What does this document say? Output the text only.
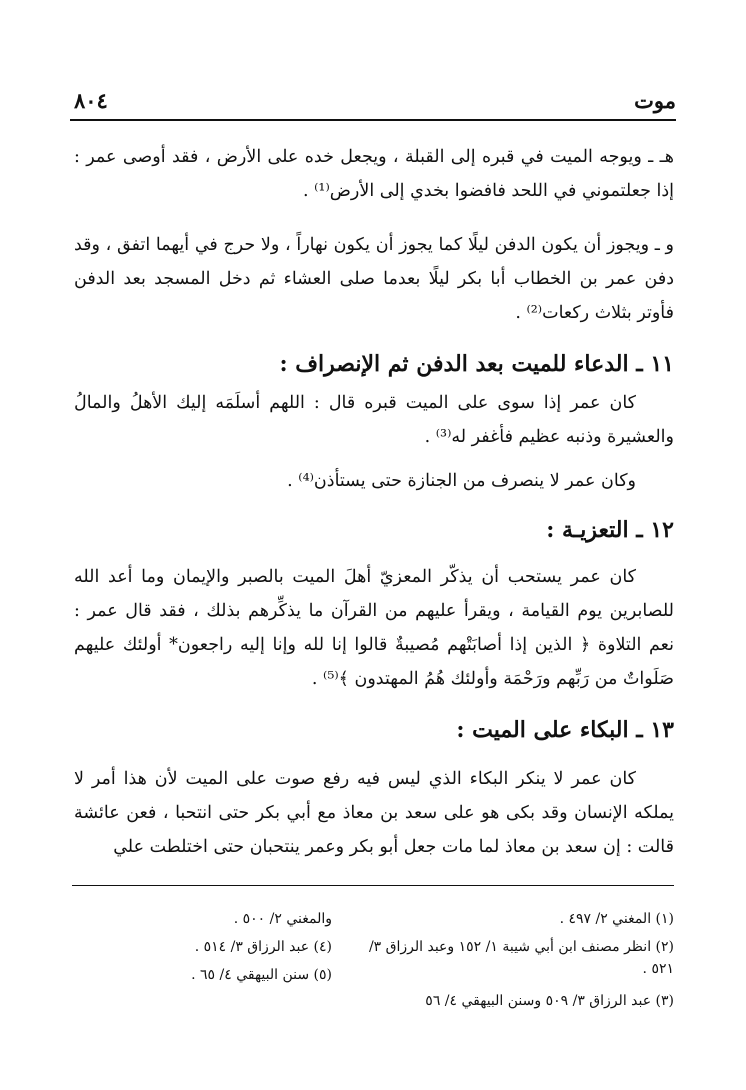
موت
٨٠٤
هـ ـ ويوجه الميت في قبره إلى القبلة ، ويجعل خده على الأرض ، فقد أوصى عمر : إذا جعلتموني في اللحد فافضوا بخدي إلى الأرض⁽¹⁾ .
و ـ ويجوز أن يكون الدفن ليلًا كما يجوز أن يكون نهاراً ، ولا حرج في أيهما اتفق ، وقد دفن عمر بن الخطاب أبا بكر ليلًا بعدما صلى العشاء ثم دخل المسجد بعد الدفن فأوتر بثلاث ركعات⁽²⁾ .
١١ ـ الدعاء للميت بعد الدفن ثم الإنصراف :
كان عمر إذا سوى على الميت قبره قال : اللهم أسلَمَه إليك الأهلُ والمالُ والعشيرة وذنبه عظيم فأغفر له⁽³⁾ .
وكان عمر لا ينصرف من الجنازة حتى يستأذن⁽⁴⁾ .
١٢ ـ التعزيـة :
كان عمر يستحب أن يذكّر المعزيّ أهلَ الميت بالصبر والإيمان وما أعد الله للصابرين يوم القيامة ، ويقرأ عليهم من القرآن ما يذكِّرهم بذلك ، فقد قال عمر : نعم التلاوة ﴿ الذين إذا أصابَتْهم مُصيبةٌ قالوا إنا لله وإنا إليه راجعون* أولئك عليهم صَلَواتٌ من رَبِّهم ورَحْمَة وأولئك هُمُ المهتدون ﴾⁽⁵⁾ .
١٣ ـ البكاء على الميت :
كان عمر لا ينكر البكاء الذي ليس فيه رفع صوت على الميت لأن هذا أمر لا يملكه الإنسان وقد بكى هو على سعد بن معاذ مع أبي بكر حتى انتحبا ، فعن عائشة قالت : إن سعد بن معاذ لما مات جعل أبو بكر وعمر ينتحبان حتى اختلطت علي
(١) المغني ٢/ ٤٩٧ .
(٢) انظر مصنف ابن أبي شيبة ١/ ١٥٢ وعبد الرزاق ٣/ ٥٢١ .
(٣) عبد الرزاق ٣/ ٥٠٩ وسنن البيهقي ٤/ ٥٦
والمغني ٢/ ٥٠٠ .
(٤) عبد الرزاق ٣/ ٥١٤ .
(٥) سنن البيهقي ٤/ ٦٥ .
